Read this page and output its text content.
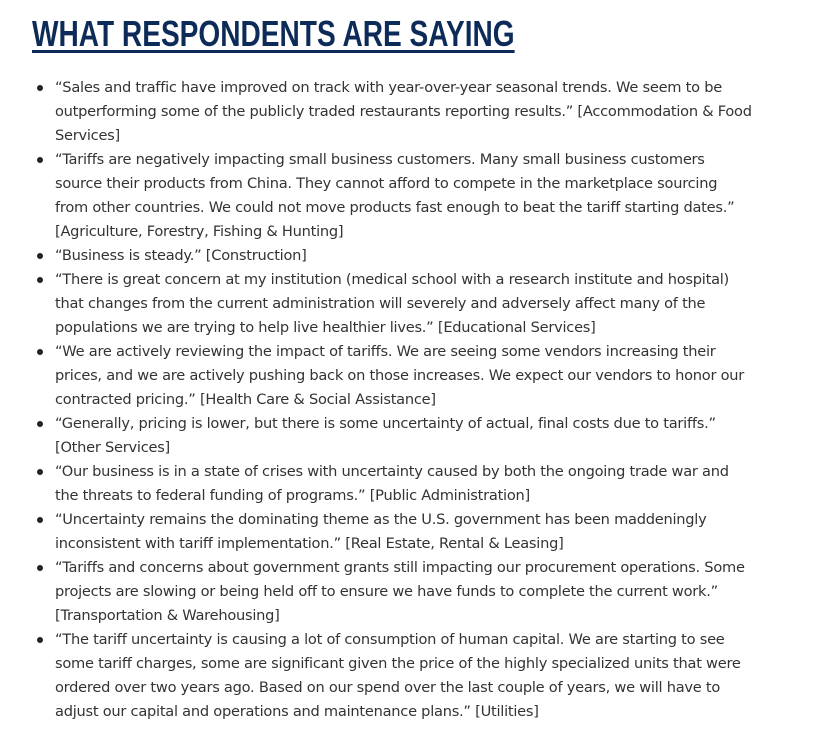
WHAT RESPONDENTS ARE SAYING
“Sales and traffic have improved on track with year-over-year seasonal trends. We seem to be outperforming some of the publicly traded restaurants reporting results.” [Accommodation & Food Services]
“Tariffs are negatively impacting small business customers. Many small business customers source their products from China. They cannot afford to compete in the marketplace sourcing from other countries. We could not move products fast enough to beat the tariff starting dates.” [Agriculture, Forestry, Fishing & Hunting]
“Business is steady.” [Construction]
“There is great concern at my institution (medical school with a research institute and hospital) that changes from the current administration will severely and adversely affect many of the populations we are trying to help live healthier lives.” [Educational Services]
“We are actively reviewing the impact of tariffs. We are seeing some vendors increasing their prices, and we are actively pushing back on those increases. We expect our vendors to honor our contracted pricing.” [Health Care & Social Assistance]
“Generally, pricing is lower, but there is some uncertainty of actual, final costs due to tariffs.” [Other Services]
“Our business is in a state of crises with uncertainty caused by both the ongoing trade war and the threats to federal funding of programs.” [Public Administration]
“Uncertainty remains the dominating theme as the U.S. government has been maddeningly inconsistent with tariff implementation.” [Real Estate, Rental & Leasing]
“Tariffs and concerns about government grants still impacting our procurement operations. Some projects are slowing or being held off to ensure we have funds to complete the current work.” [Transportation & Warehousing]
“The tariff uncertainty is causing a lot of consumption of human capital. We are starting to see some tariff charges, some are significant given the price of the highly specialized units that were ordered over two years ago. Based on our spend over the last couple of years, we will have to adjust our capital and operations and maintenance plans.” [Utilities]
